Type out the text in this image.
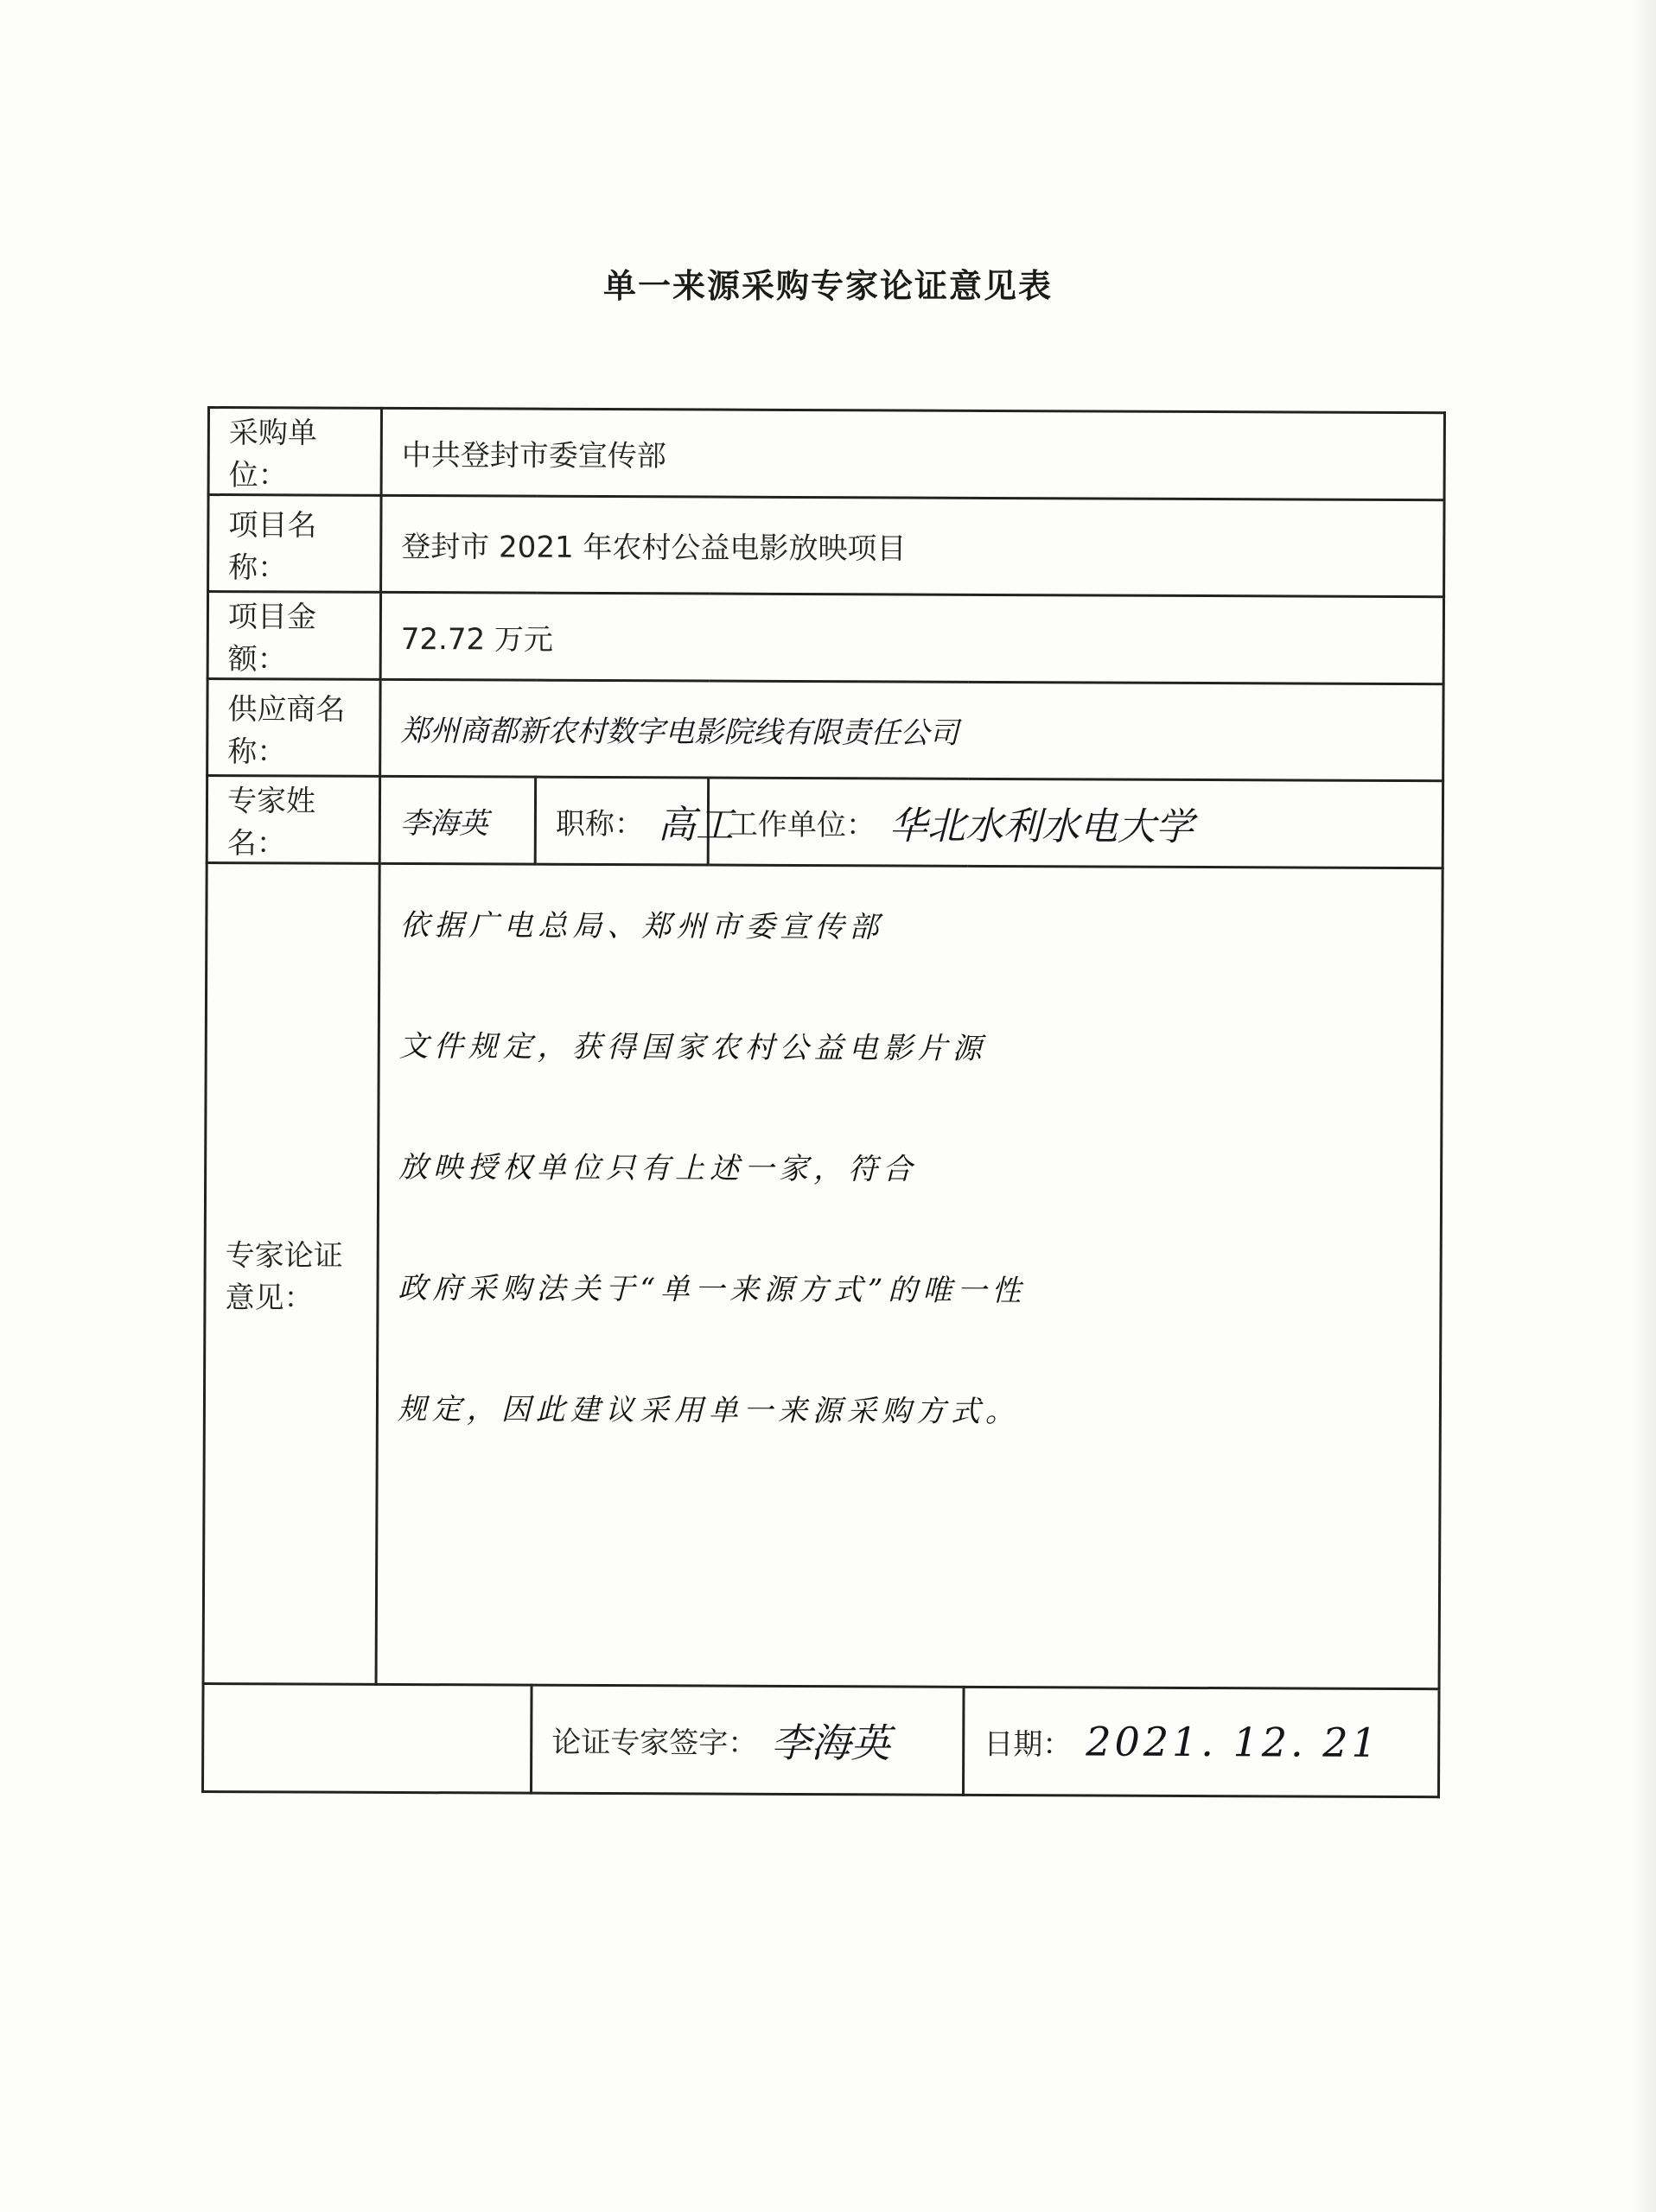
单一来源采购专家论证意见表
采购单位：	中共登封市委宣传部			
项目名称：	登封市 2021 年农村公益电影放映项目			
项目金额：	72.72 万元			
供应商名称：	郑州商都新农村数字电影院线有限责任公司			
专家姓名：	李海英	职称： 高工	工作单位： 华北水利水电大学	

专家论证
意见：	依据广电总局、郑州市委宣传部
文件规定，获得国家农村公益电影片源
放映授权单位只有上述一家，符合
政府采购法关于“单一来源方式”的唯一性
规定，因此建议采用单一来源采购方式。			

		论证专家签字： 李海英		日期： 2021. 12. 21
